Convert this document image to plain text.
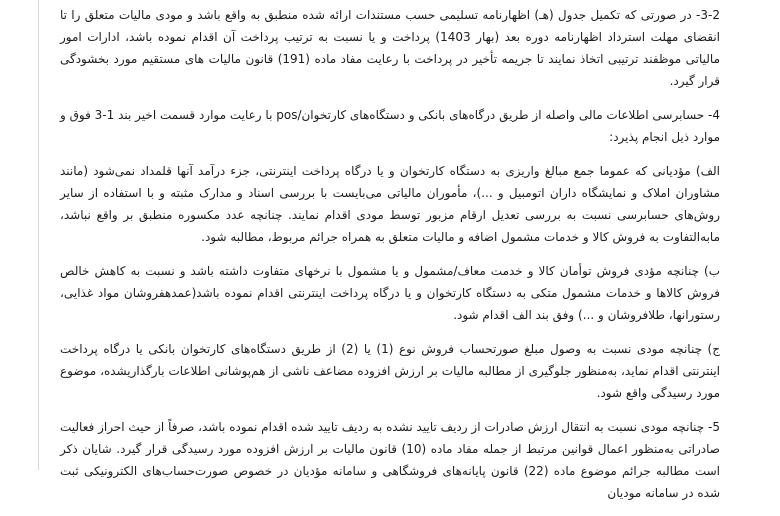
3-2- در صورتی که تکمیل جدول (هـ) اظهارنامه تسلیمی حسب مستندات ارائه شده منطبق به واقع باشد و مودی مالیات متعلق را تا انقضای مهلت استرداد اظهارنامه دوره بعد (بهار 1403) پرداخت و یا نسبت به ترتیب پرداخت آن اقدام نموده باشد، ادارات امور مالیاتی موظفند ترتیبی اتخاذ نمایند تا جریمه تأخیر در پرداخت با رعایت مفاد ماده (191) قانون مالیات های مستقیم مورد بخشودگی قرار گیرد.

4- حسابرسی اطلاعات مالی واصله از طریق درگاه‌های بانکی و دستگاه‌های کارتخوان/pos با رعایت موارد قسمت اخیر بند 1-3 فوق و موارد ذیل انجام پذیرد:

الف) مؤدیانی که عموما جمع مبالغ واریزی به دستگاه کارتخوان و یا درگاه پرداخت اینترنتی، جزء درآمد آنها قلمداد نمی‌شود (مانند مشاوران املاک و نمایشگاه داران اتومبیل و ...)، مأموران مالیاتی می‌بایست با بررسی اسناد و مدارک مثبته و با استفاده از سایر روش‌های حسابرسی نسبت به بررسی تعدیل ارقام مزبور توسط مودی اقدام نمایند. چنانچه عدد مکسوره منطبق بر واقع نباشد، مابه‌التفاوت به فروش کالا و خدمات مشمول اضافه و مالیات متعلق به همراه جرائم مربوط، مطالبه شود.

ب) چنانچه مؤدی فروش توأمان کالا و خدمت معاف/مشمول و یا مشمول با نرخهای متفاوت داشته باشد و نسبت به کاهش خالص فروش کالاها و خدمات مشمول متکی به دستگاه کارتخوان و یا درگاه پرداخت اینترنتی اقدام نموده باشد(عمدهفروشان مواد غذایی، رستورانها، طلافروشان و ...) وفق بند الف اقدام شود.

ج) چنانچه مودی نسبت به وصول مبلغ صورتحساب فروش نوع (1) یا (2) از طریق دستگاه‌های کارتخوان بانکی یا درگاه پرداخت اینترنتی اقدام نماید، به‌منظور جلوگیری از مطالبه مالیات بر ارزش افزوده مضاعف ناشی از هم‌پوشانی اطلاعات بارگذاریشده، موضوع مورد رسیدگی واقع شود.

5- چنانچه مودی نسبت به انتقال ارزش صادرات از ردیف تایید نشده به ردیف تایید شده اقدام نموده باشد، صرفاً از حیث احراز فعالیت صادراتی به‌منظور اعمال قوانین مرتبط از جمله مفاد ماده (10) قانون مالیات بر ارزش افزوده مورد رسیدگی قرار گیرد. شایان ذکر است مطالبه جرائم موضوع ماده (22) قانون پایانه‌های فروشگاهی و سامانه مؤدیان در خصوص صورت‌حساب‌های الکترونیکی ثبت شده در سامانه مودیان
